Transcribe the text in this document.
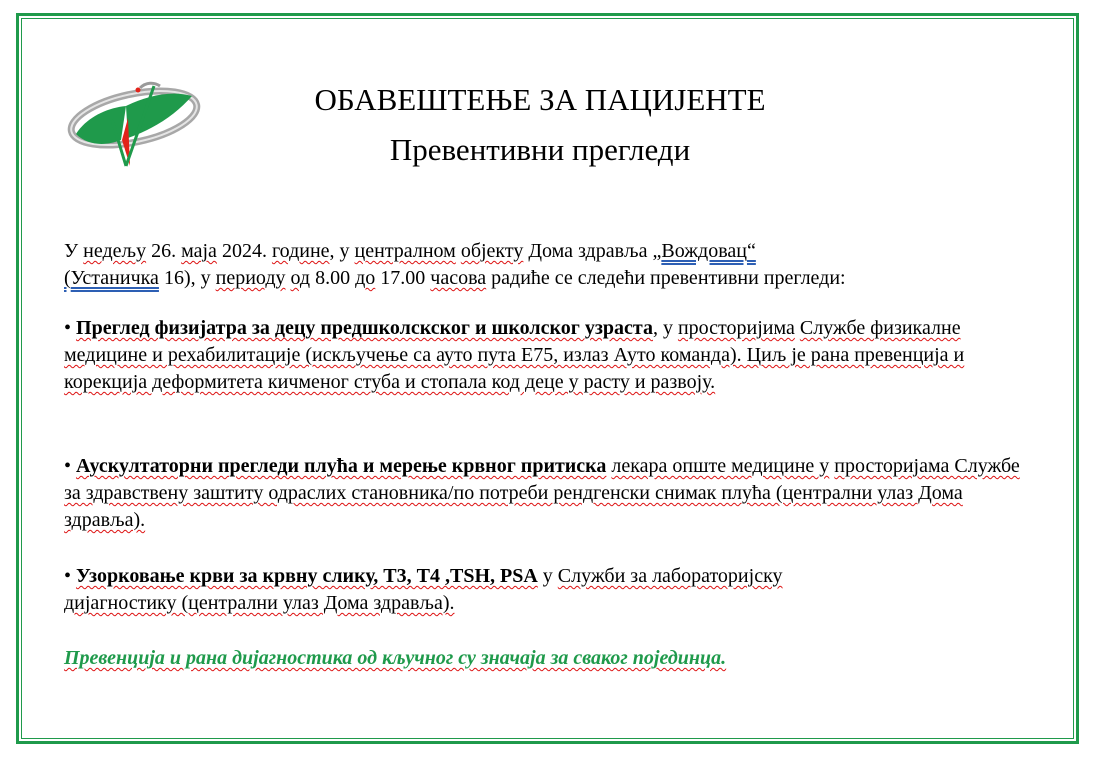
ОБАВЕШТЕЊЕ ЗА ПАЦИЈЕНТЕ
Превентивни прегледи
У недељу 26. маја 2024. године, у централном објекту Дома здравља „Вождовац“
(Устаничка 16), у периоду од 8.00 до 17.00 часова радиће се следећи превентивни прегледи:
• Преглед физијатра за децу предшколскског и школског узраста, у просторијима Службе физикалне медицине и рехабилитације (искључење са ауто пута Е75, излаз Ауто команда). Циљ је рана превенција и корекција деформитета кичменог стуба и стопала код деце у расту и развоју.
• Аускултаторни прегледи плућа и мерење крвног притиска лекара опште медицине у просторијама Службе за здравствену заштиту одраслих становника/по потреби рендгенски снимак плућа (централни улаз Дома здравља).
• Узорковање крви за крвну слику, Т3, Т4 ,TSH, PSA у Служби за лабораторијску
дијагностику (централни улаз Дома здравља).
Превенција и рана дијагностика од кључног су значаја за сваког појединца.
